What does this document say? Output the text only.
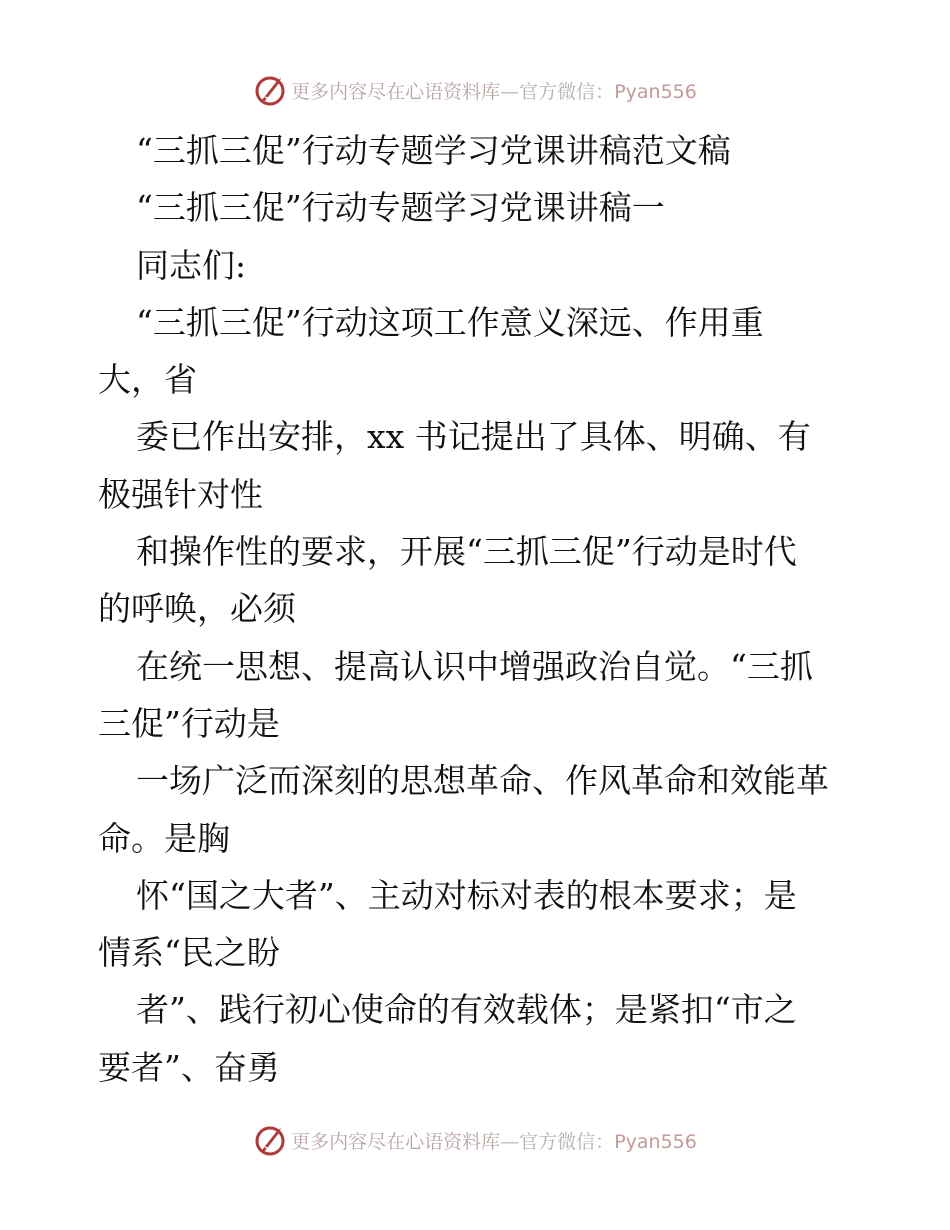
更多内容尽在心语资料库—官方微信：Pyan556
“三抓三促”行动专题学习党课讲稿范文稿
“三抓三促”行动专题学习党课讲稿一
同志们:
“三抓三促”行动这项工作意义深远、作用重
大，省
委已作出安排，xx 书记提出了具体、明确、有
极强针对性
和操作性的要求，开展“三抓三促”行动是时代
的呼唤，必须
在统一思想、提高认识中增强政治自觉。“三抓
三促”行动是
一场广泛而深刻的思想革命、作风革命和效能革
命。是胸
怀“国之大者”、主动对标对表的根本要求；是
情系“民之盼
者”、践行初心使命的有效载体；是紧扣“市之
要者”、奋勇
更多内容尽在心语资料库—官方微信：Pyan556
